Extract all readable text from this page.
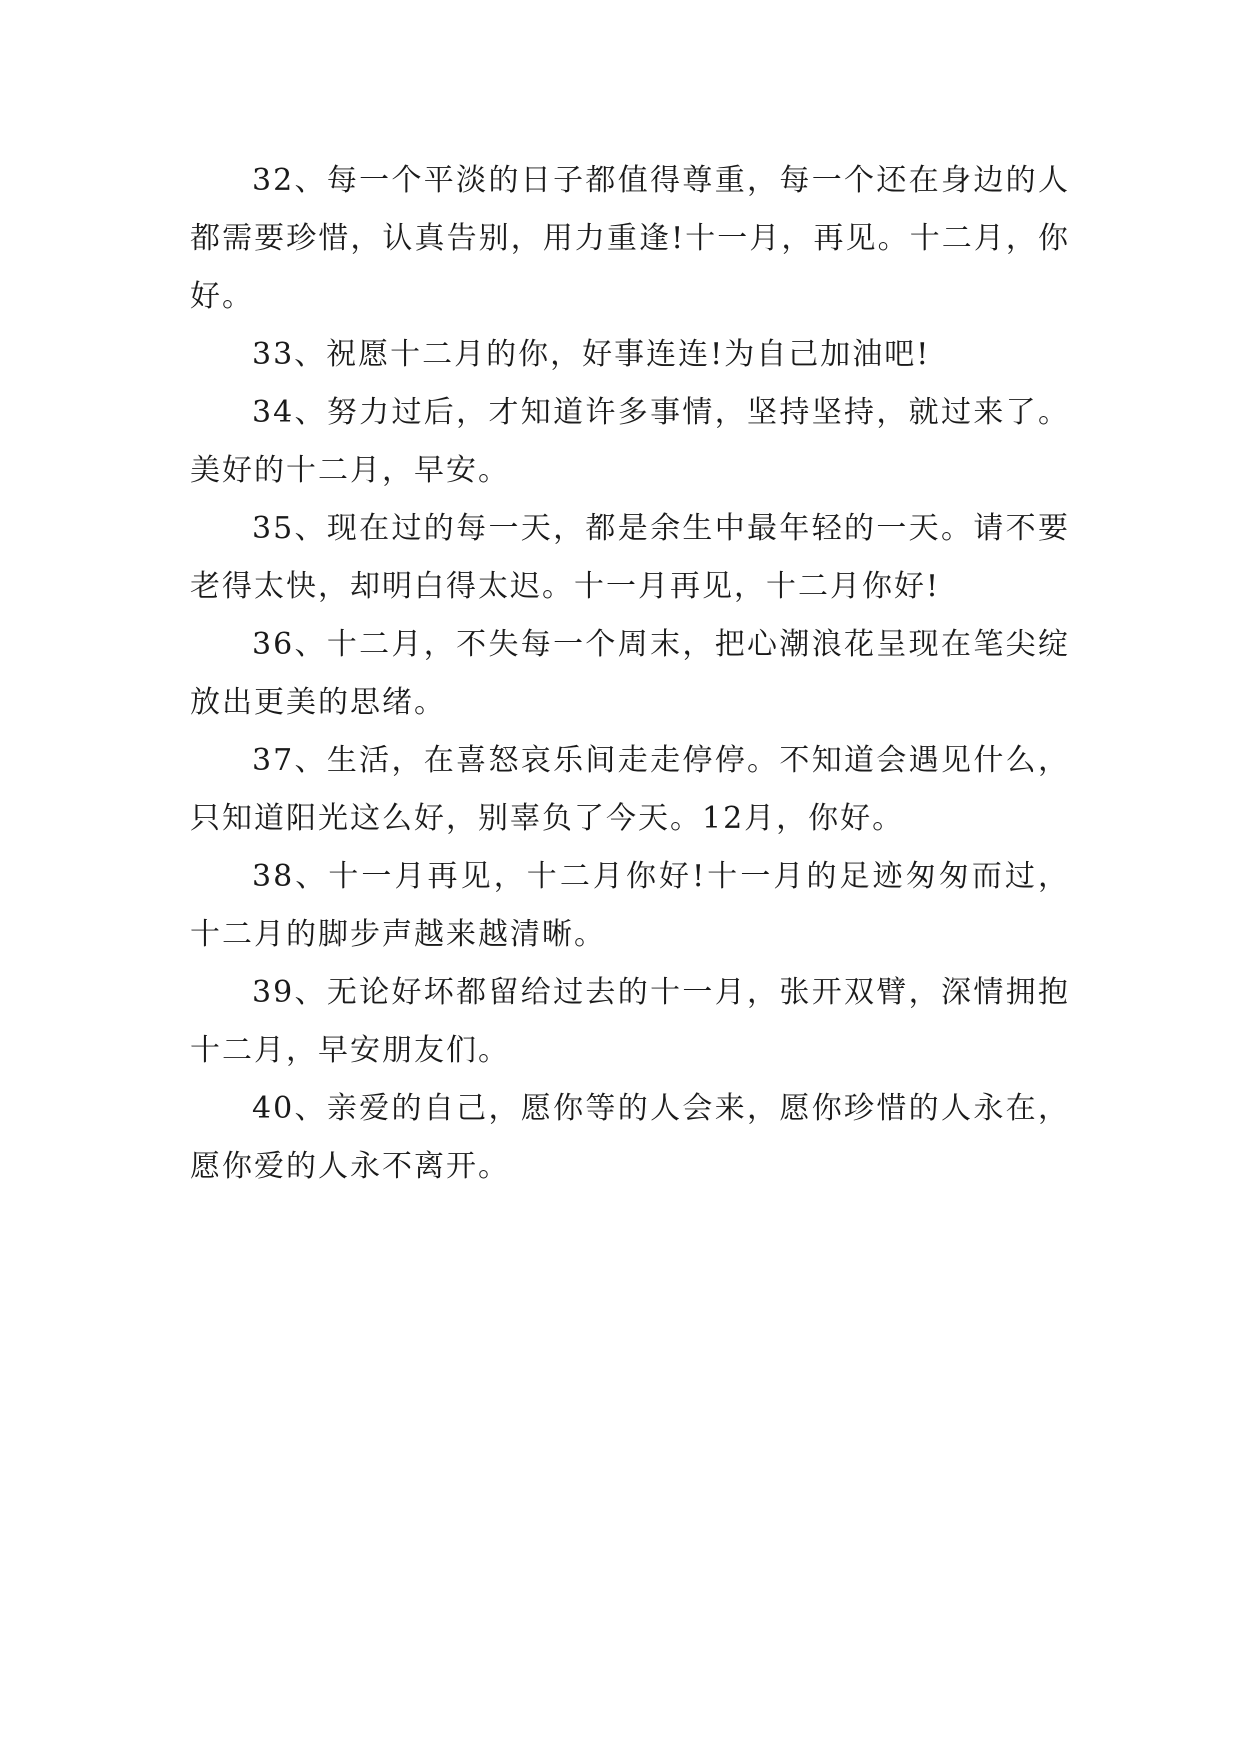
32、每一个平淡的日子都值得尊重，每一个还在身边的人都需要珍惜，认真告别，用力重逢!十一月，再见。十二月，你好。

33、祝愿十二月的你，好事连连!为自己加油吧!

34、努力过后，才知道许多事情，坚持坚持，就过来了。美好的十二月，早安。

35、现在过的每一天，都是余生中最年轻的一天。请不要老得太快，却明白得太迟。十一月再见，十二月你好!

36、十二月，不失每一个周末，把心潮浪花呈现在笔尖绽放出更美的思绪。

37、生活，在喜怒哀乐间走走停停。不知道会遇见什么，只知道阳光这么好，别辜负了今天。12月，你好。

38、十一月再见，十二月你好!十一月的足迹匆匆而过，十二月的脚步声越来越清晰。

39、无论好坏都留给过去的十一月，张开双臂，深情拥抱十二月，早安朋友们。

40、亲爱的自己，愿你等的人会来，愿你珍惜的人永在，愿你爱的人永不离开。
